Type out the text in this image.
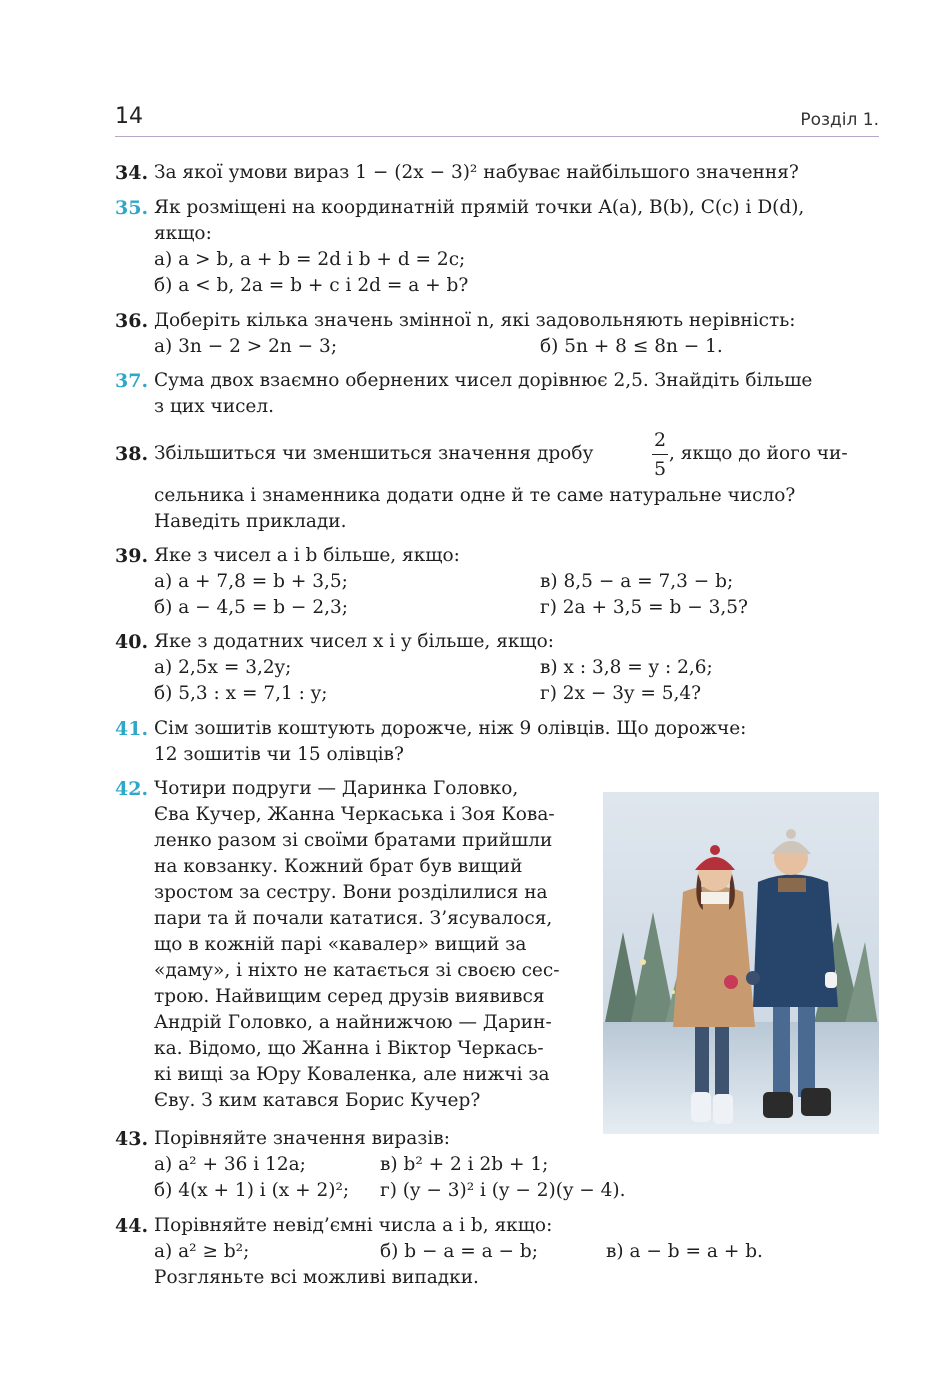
14	Розділ 1.
34. За якої умови вираз 1 − (2x − 3)² набуває найбільшого значення?
35. Як розміщені на координатній прямій точки A(a), B(b), C(c) і D(d),
якщо:
а) a > b, a + b = 2d і b + d = 2c;
б) a < b, 2a = b + c і 2d = a + b?
36. Доберіть кілька значень змінної n, які задовольняють нерівність:
а) 3n − 2 > 2n − 3;	б) 5n + 8 ≤ 8n − 1.
37. Сума двох взаємно обернених чисел дорівнює 2,5. Знайдіть більше
з цих чисел.
38. Збільшиться чи зменшиться значення дробу
2
5
, якщо до його чи-
сельника і знаменника додати одне й те саме натуральне число?
Наведіть приклади.
39. Яке з чисел a і b більше, якщо:
а) a + 7,8 = b + 3,5;	в) 8,5 − a = 7,3 − b;
б) a − 4,5 = b − 2,3;	г) 2a + 3,5 = b − 3,5?
40. Яке з додатних чисел x і y більше, якщо:
а) 2,5x = 3,2y;	в) x : 3,8 = y : 2,6;
б) 5,3 : x = 7,1 : y;	г) 2x − 3y = 5,4?
41. Сім зошитів коштують дорожче, ніж 9 олівців. Що дорожче:
12 зошитів чи 15 олівців?
42. Чотири подруги — Даринка Головко,
Єва Кучер, Жанна Черкаська і Зоя Кова-
ленко разом зі своїми братами прийшли
на ковзанку. Кожний брат був вищий
зростом за сестру. Вони розділилися на
пари та й почали кататися. З’ясувалося,
що в кожній парі «кавалер» вищий за
«даму», і ніхто не катається зі своєю сес-
трою. Найвищим серед друзів виявився
Андрій Головко, а найнижчою — Дарин-
ка. Відомо, що Жанна і Віктор Черкась-
кі вищі за Юру Коваленка, але нижчі за
Єву. З ким катався Борис Кучер?
43. Порівняйте значення виразів:
а) a² + 36 і 12a;	в) b² + 2 і 2b + 1;
б) 4(x + 1) і (x + 2)²; г) (y − 3)² і (y − 2)(y − 4).
44. Порівняйте невід’ємні числа a і b, якщо:
а) a² ≥ b²;	б) b − a = a − b;	в) a − b = a + b.
Розгляньте всі можливі випадки.
